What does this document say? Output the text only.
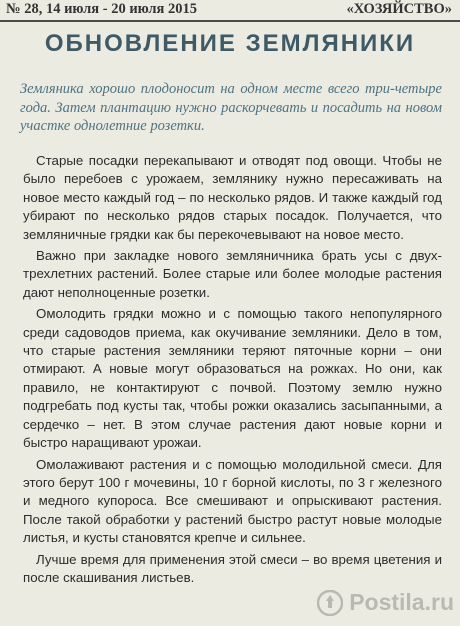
№ 28, 14 июля - 20 июля 2015	«ХОЗЯЙСТВО»
ОБНОВЛЕНИЕ ЗЕМЛЯНИКИ

Земляника хорошо плодоносит на одном месте всего три-четыре года. Затем плантацию нужно раскорчевать и посадить на новом участке однолетние розетки.

Старые посадки перекапывают и отводят под овощи. Чтобы не было перебоев с урожаем, землянику нужно пересаживать на новое место каждый год – по несколько рядов. И также каждый год убирают по несколько рядов старых посадок. Получается, что земляничные грядки как бы перекочевывают на новое место.

Важно при закладке нового земляничника брать усы с двух-трехлетних растений. Более старые или более молодые растения дают неполноценные розетки.

Омолодить грядки можно и с помощью такого непопулярного среди садоводов приема, как окучивание земляники. Дело в том, что старые растения земляники теряют пяточные корни – они отмирают. А новые могут образоваться на рожках. Но они, как правило, не контактируют с почвой. Поэтому землю нужно подгребать под кусты так, чтобы рожки оказались засыпанными, а сердечко – нет. В этом случае растения дают новые корни и быстро наращивают урожаи.

Омолаживают растения и с помощью молодильной смеси. Для этого берут 100 г мочевины, 10 г борной кислоты, по 3 г железного и медного купороса. Все смешивают и опрыскивают растения. После такой обработки у растений быстро растут новые молодые листья, и кусты становятся крепче и сильнее.

Лучше время для применения этой смеси – во время цветения и после скашивания листьев.

Postila.ru
